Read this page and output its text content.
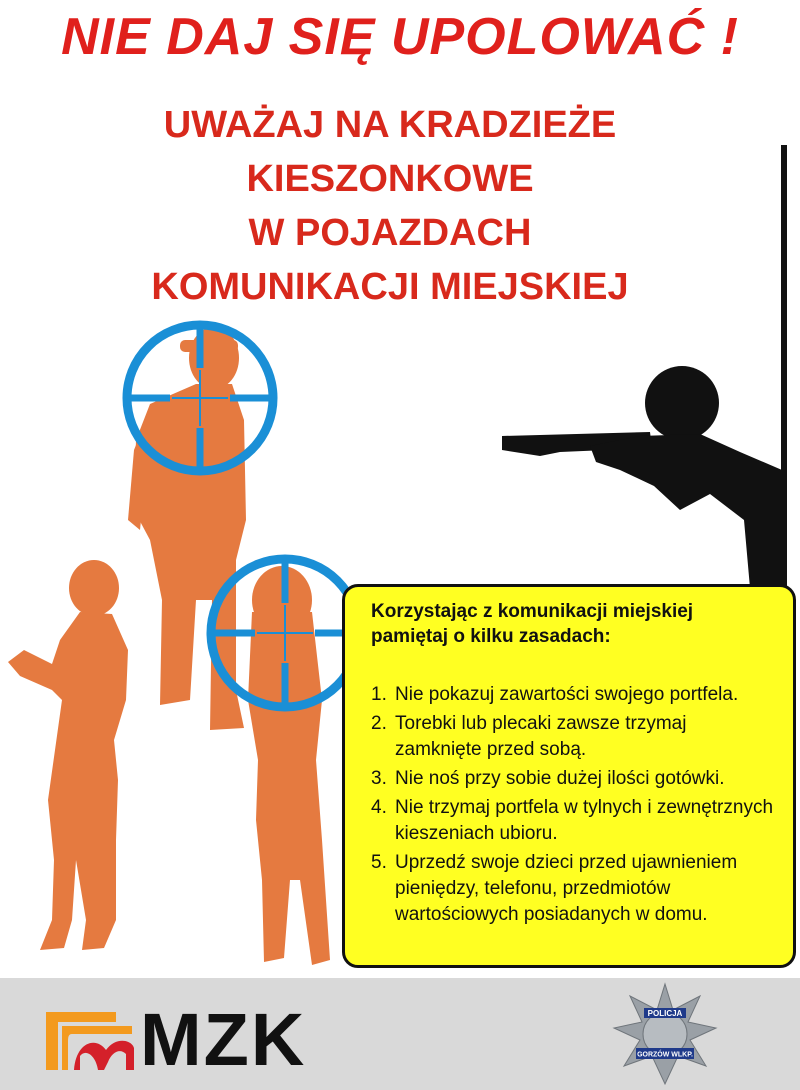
NIE DAJ SIĘ UPOLOWAĆ !
UWAŻAJ NA KRADZIEŻE
KIESZONKOWE
W POJAZDACH
KOMUNIKACJI MIEJSKIEJ
Korzystając z komunikacji miejskiej
pamiętaj o kilku zasadach:
1. Nie pokazuj zawartości swojego portfela.
2. Torebki lub plecaki zawsze trzymaj zamknięte przed sobą.
3. Nie noś przy sobie dużej ilości gotówki.
4. Nie trzymaj portfela w tylnych i zewnętrznych kieszeniach ubioru.
5. Uprzedź swoje dzieci przed ujawnieniem pieniędzy, telefonu, przedmiotów wartościowych posiadanych w domu.
MZK	POLICJA
GORZÓW WLKP.
